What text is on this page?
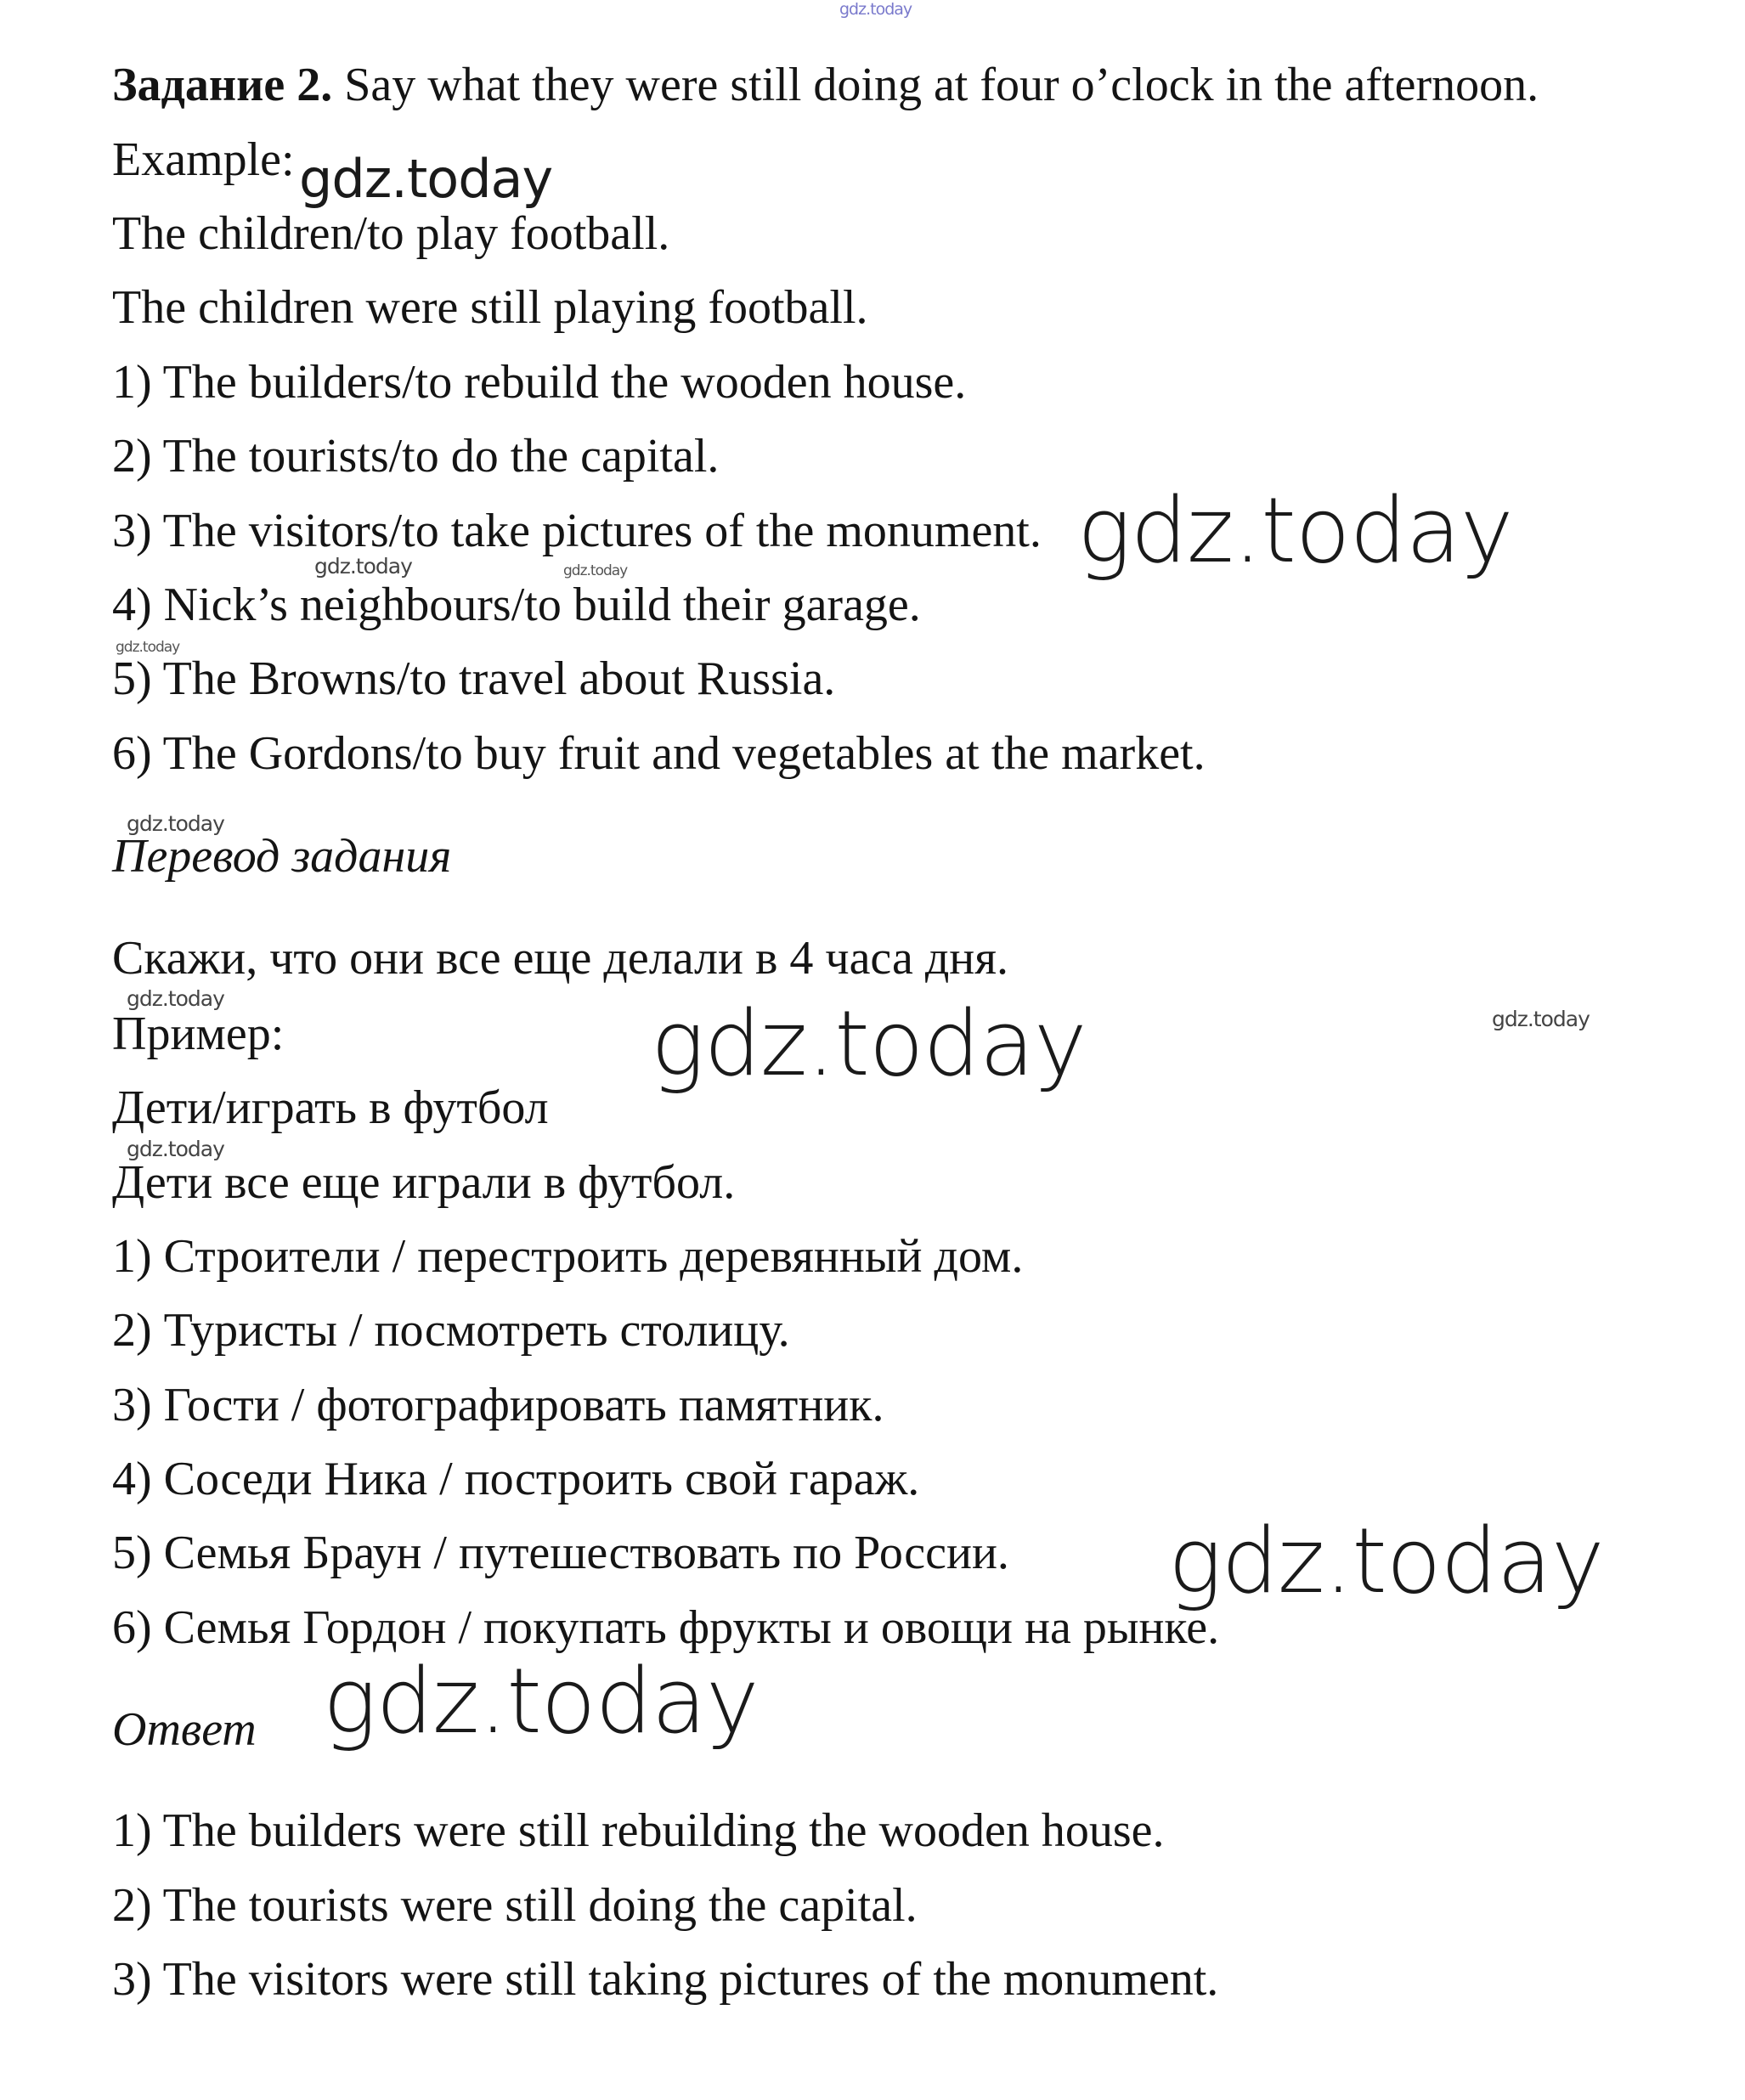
gdz.today
gdz.today
gdz.today
gdz.today	gdz.today
gdz.today
gdz.today
gdz.today
gdz.today
gdz.today
gdz.today
gdz.today
gdz.today
Задание 2. Say what they were still doing at four o’clock in the afternoon.
Example:
The children/to play football.
The children were still playing football.
1) The builders/to rebuild the wooden house.
2) The tourists/to do the capital.
3) The visitors/to take pictures of the monument.
4) Nick’s neighbours/to build their garage.
5) The Browns/to travel about Russia.
6) The Gordons/to buy fruit and vegetables at the market.
Перевод задания
Скажи, что они все еще делали в 4 часа дня.
Пример:
Дети/играть в футбол
Дети все еще играли в футбол.
1) Строители / перестроить деревянный дом.
2) Туристы / посмотреть столицу.
3) Гости / фотографировать памятник.
4) Соседи Ника / построить свой гараж.
5) Семья Браун / путешествовать по России.
6) Семья Гордон / покупать фрукты и овощи на рынке.
Ответ
1) The builders were still rebuilding the wooden house.
2) The tourists were still doing the capital.
3) The visitors were still taking pictures of the monument.
